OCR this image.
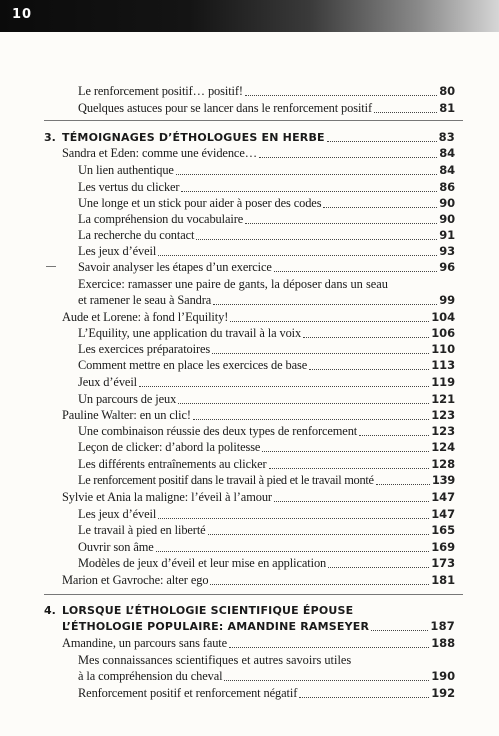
10
Le renforcement positif… positif!	80
Quelques astuces pour se lancer dans le renforcement positif	81
3. TÉMOIGNAGES D’ÉTHOLOGUES EN HERBE	83
Sandra et Eden: comme une évidence…	84
Un lien authentique	84
Les vertus du clicker	86
Une longe et un stick pour aider à poser des codes	90
La compréhension du vocabulaire	90
La recherche du contact	91
Les jeux d’éveil	93
Savoir analyser les étapes d’un exercice	96
Exercice: ramasser une paire de gants, la déposer dans un seau
et ramener le seau à Sandra	99
Aude et Lorene: à fond l’Equility!	104
L’Equility, une application du travail à la voix	106
Les exercices préparatoires	110
Comment mettre en place les exercices de base	113
Jeux d’éveil	119
Un parcours de jeux	121
Pauline Walter: en un clic!	123
Une combinaison réussie des deux types de renforcement	123
Leçon de clicker: d’abord la politesse	124
Les différents entraînements au clicker	128
Le renforcement positif dans le travail à pied et le travail monté	139
Sylvie et Ania la maligne: l’éveil à l’amour	147
Les jeux d’éveil	147
Le travail à pied en liberté	165
Ouvrir son âme	169
Modèles de jeux d’éveil et leur mise en application	173
Marion et Gavroche: alter ego	181
4. LORSQUE L’ÉTHOLOGIE SCIENTIFIQUE ÉPOUSE
L’ÉTHOLOGIE POPULAIRE: AMANDINE RAMSEYER	187
Amandine, un parcours sans faute	188
Mes connaissances scientifiques et autres savoirs utiles
à la compréhension du cheval	190
Renforcement positif et renforcement négatif	192
